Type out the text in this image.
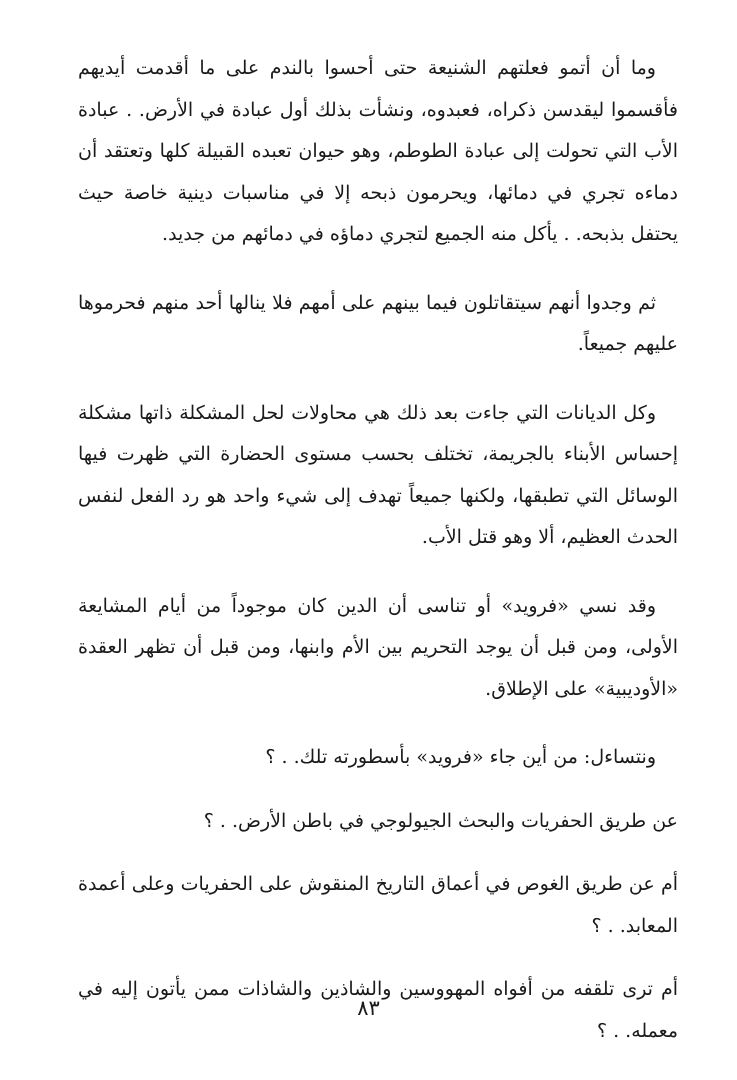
وما أن أتمو فعلتهم الشنيعة حتى أحسوا بالندم على ما أقدمت أيديهم فأقسموا ليقدسن ذكراه، فعبدوه، ونشأت بذلك أول عبادة في الأرض. . عبادة الأب التي تحولت إلى عبادة الطوطم، وهو حيوان تعبده القبيلة كلها وتعتقد أن دماءه تجري في دمائها، ويحرمون ذبحه إلا في مناسبات دينية خاصة حيث يحتفل بذبحه. . يأكل منه الجميع لتجري دماؤه في دمائهم من جديد.

ثم وجدوا أنهم سيتقاتلون فيما بينهم على أمهم فلا ينالها أحد منهم فحرموها عليهم جميعاً.

وكل الديانات التي جاءت بعد ذلك هي محاولات لحل المشكلة ذاتها مشكلة إحساس الأبناء بالجريمة، تختلف بحسب مستوى الحضارة التي ظهرت فيها الوسائل التي تطبقها، ولكنها جميعاً تهدف إلى شيء واحد هو رد الفعل لنفس الحدث العظيم، ألا وهو قتل الأب.

وقد نسي «فرويد» أو تناسى أن الدين كان موجوداً من أيام المشايعة الأولى، ومن قبل أن يوجد التحريم بين الأم وابنها، ومن قبل أن تظهر العقدة «الأوديبية» على الإطلاق.

ونتساءل: من أين جاء «فرويد» بأسطورته تلك. . ؟

عن طريق الحفريات والبحث الجيولوجي في باطن الأرض. . ؟

أم عن طريق الغوص في أعماق التاريخ المنقوش على الحفريات وعلى أعمدة المعابد. . ؟

أم ترى تلقفه من أفواه المهووسين والشاذين والشاذات ممن يأتون إليه في معمله. . ؟

٨٣
